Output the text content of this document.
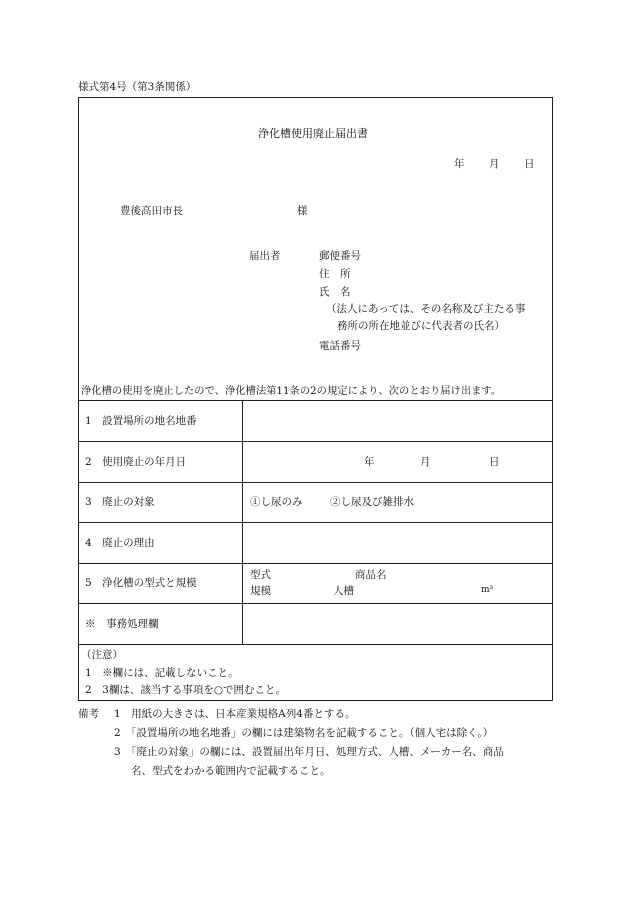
様式第4号（第3条関係）
浄化槽使用廃止届出書
年 月 日
豊後高田市長	様
届出者	郵便番号
住　所
氏　名
（法人にあっては、その名称及び主たる事
務所の所在地並びに代表者の氏名）
電話番号
浄化槽の使用を廃止したので、浄化槽法第11条の2の規定により、次のとおり届け出ます。
1　設置場所の地名地番
2　使用廃止の年月日	年	月	日
3　廃止の対象	①し尿のみ	②し尿及び雑排水
4　廃止の理由
5　浄化槽の型式と規模
型式	商品名
規模	人槽	m³
※　事務処理欄
（注意）
1　※欄には、記載しないこと。
2　3欄は、該当する事項を○で囲むこと。
備考 1　用紙の大きさは、日本産業規格A列4番とする。
2　「設置場所の地名地番」の欄には建築物名を記載すること。（個人宅は除く。）
3　「廃止の対象」の欄には、設置届出年月日、処理方式、人槽、メーカー名、商品
名、型式をわかる範囲内で記載すること。
